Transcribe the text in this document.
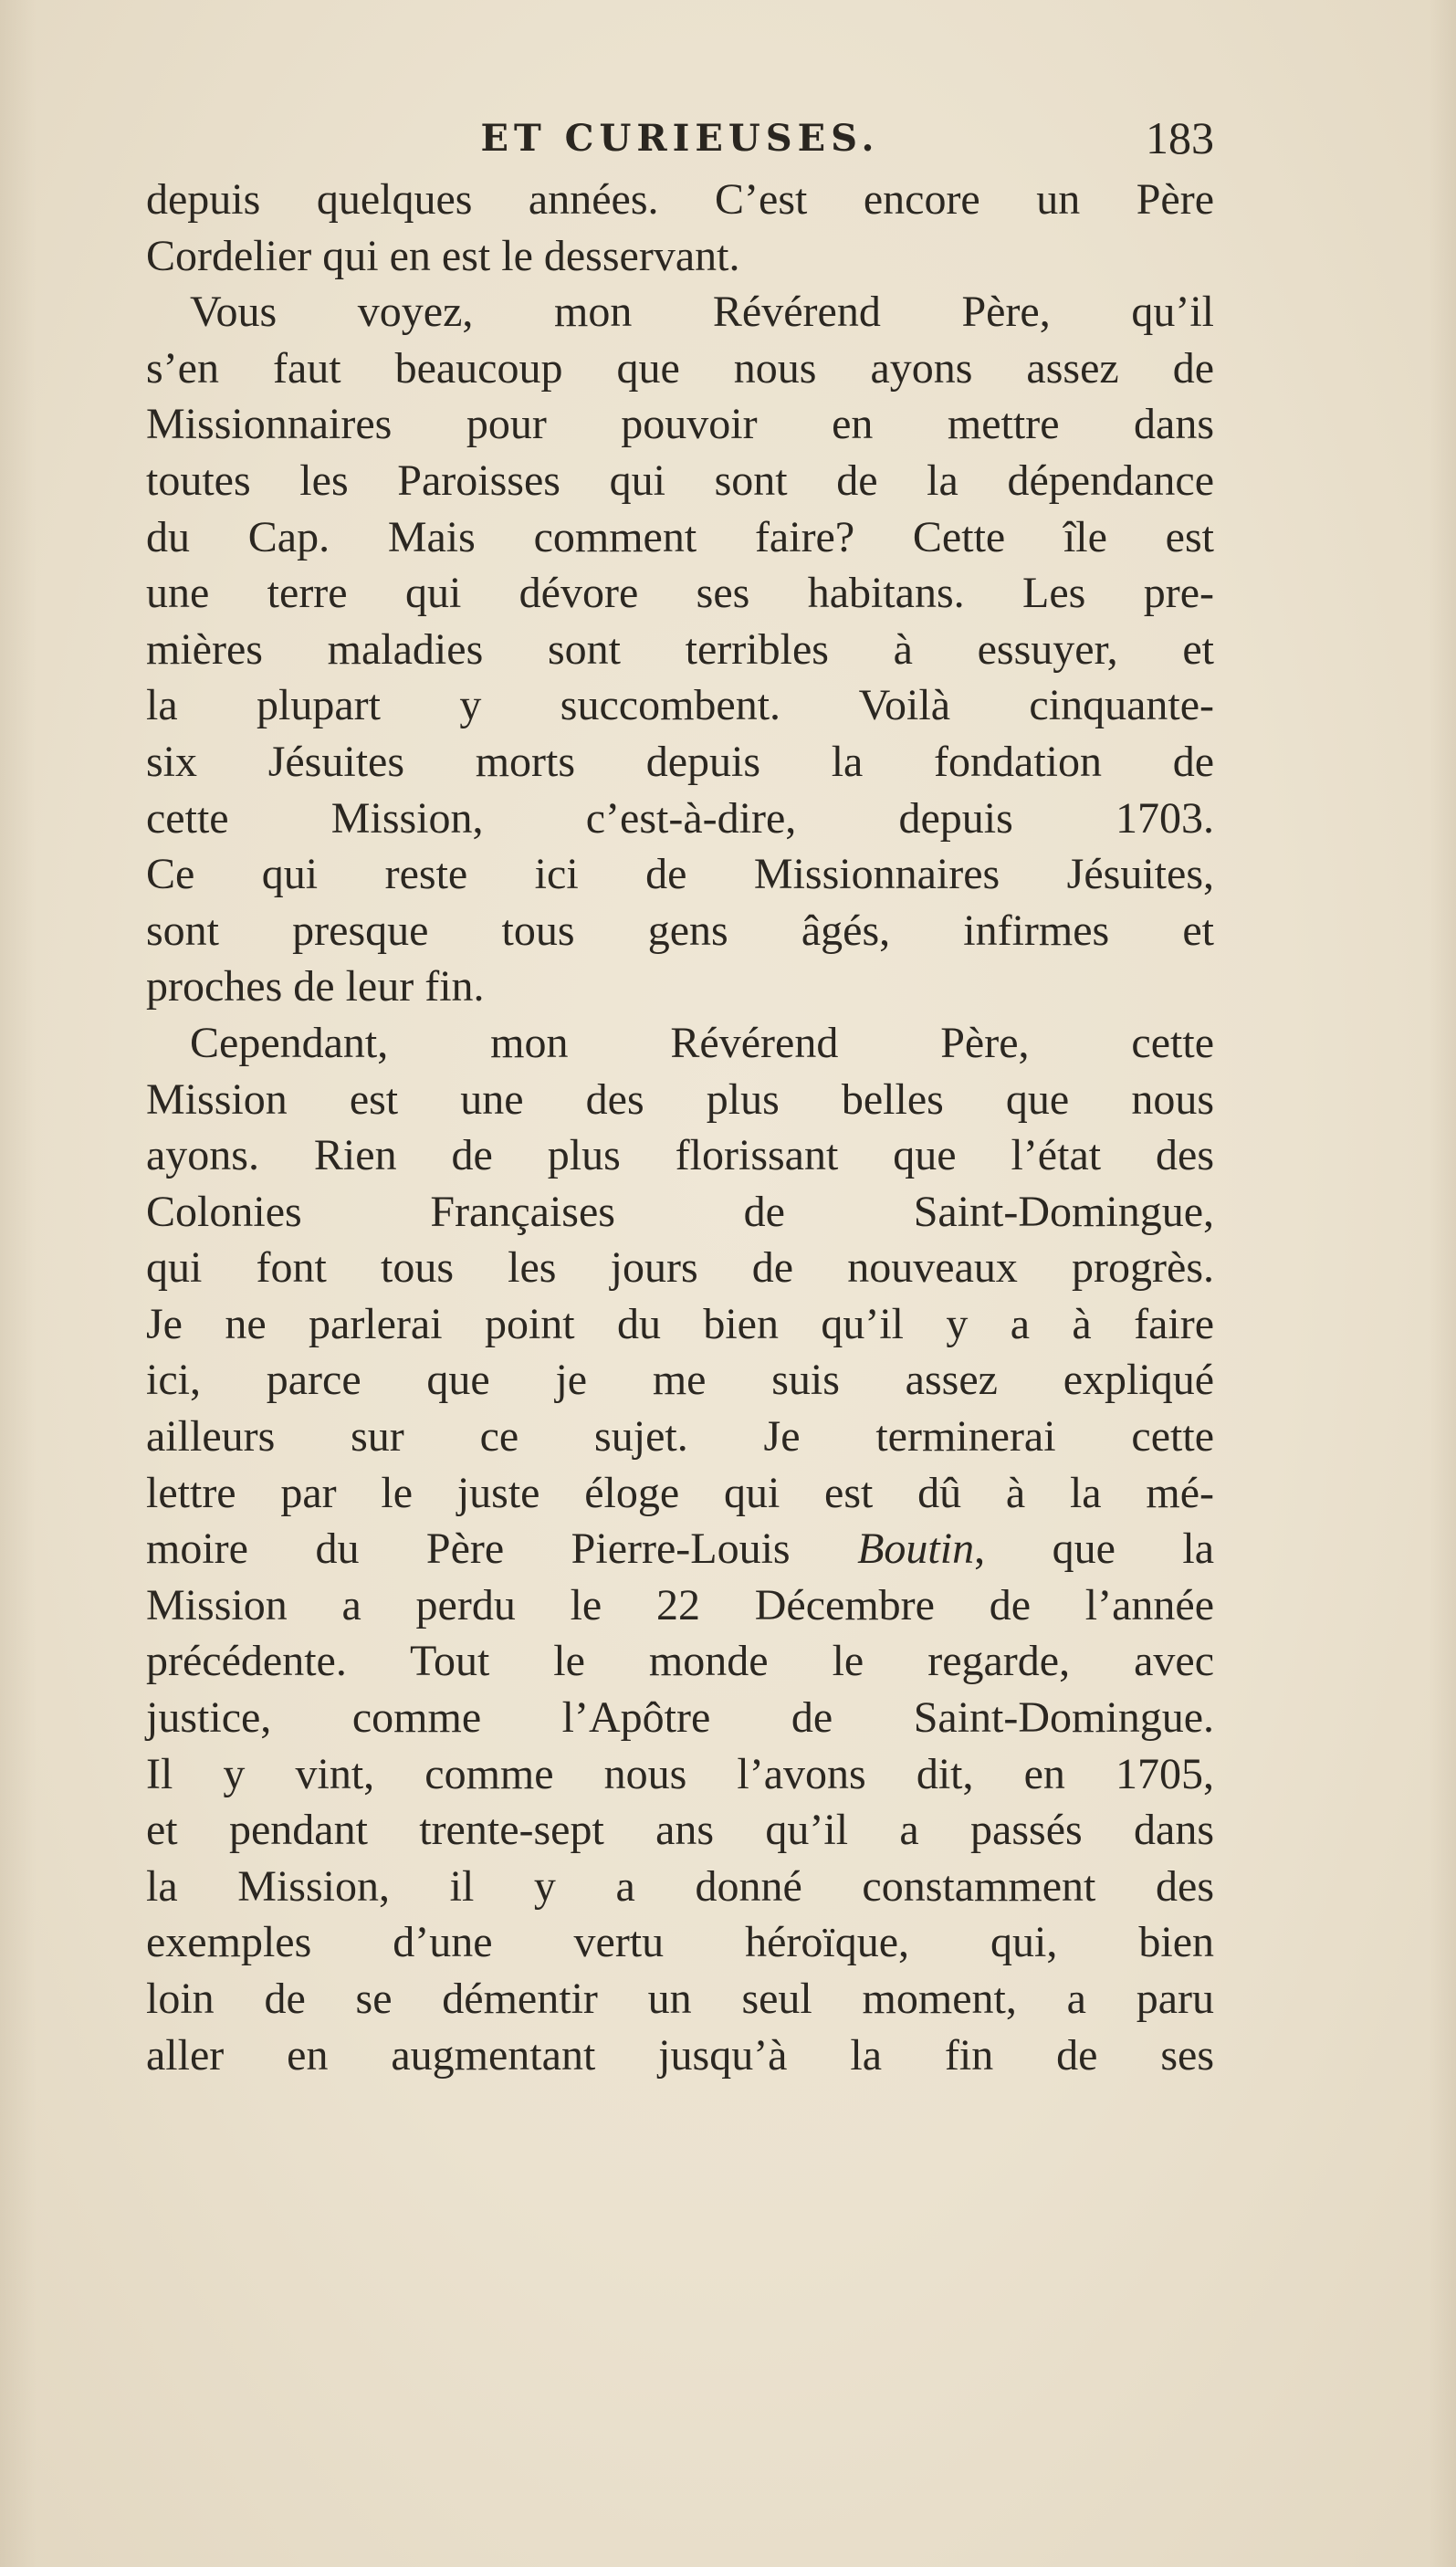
ET CURIEUSES.	183
depuis quelques années. C’est encore un Père
Cordelier qui en est le desservant.
Vous voyez, mon Révérend Père, qu’il
s’en faut beaucoup que nous ayons assez de
Missionnaires pour pouvoir en mettre dans
toutes les Paroisses qui sont de la dépendance
du Cap. Mais comment faire? Cette île est
une terre qui dévore ses habitans. Les pre-
mières maladies sont terribles à essuyer, et
la plupart y succombent. Voilà cinquante-
six Jésuites morts depuis la fondation de
cette Mission, c’est-à-dire, depuis 1703.
Ce qui reste ici de Missionnaires Jésuites,
sont presque tous gens âgés, infirmes et
proches de leur fin.
Cependant, mon Révérend Père, cette
Mission est une des plus belles que nous
ayons. Rien de plus florissant que l’état des
Colonies Françaises de Saint-Domingue,
qui font tous les jours de nouveaux progrès.
Je ne parlerai point du bien qu’il y a à faire
ici, parce que je me suis assez expliqué
ailleurs sur ce sujet. Je terminerai cette
lettre par le juste éloge qui est dû à la mé-
moire du Père Pierre-Louis Boutin, que la
Mission a perdu le 22 Décembre de l’année
précédente. Tout le monde le regarde, avec
justice, comme l’Apôtre de Saint-Domingue.
Il y vint, comme nous l’avons dit, en 1705,
et pendant trente-sept ans qu’il a passés dans
la Mission, il y a donné constamment des
exemples d’une vertu héroïque, qui, bien
loin de se démentir un seul moment, a paru
aller en augmentant jusqu’à la fin de ses
